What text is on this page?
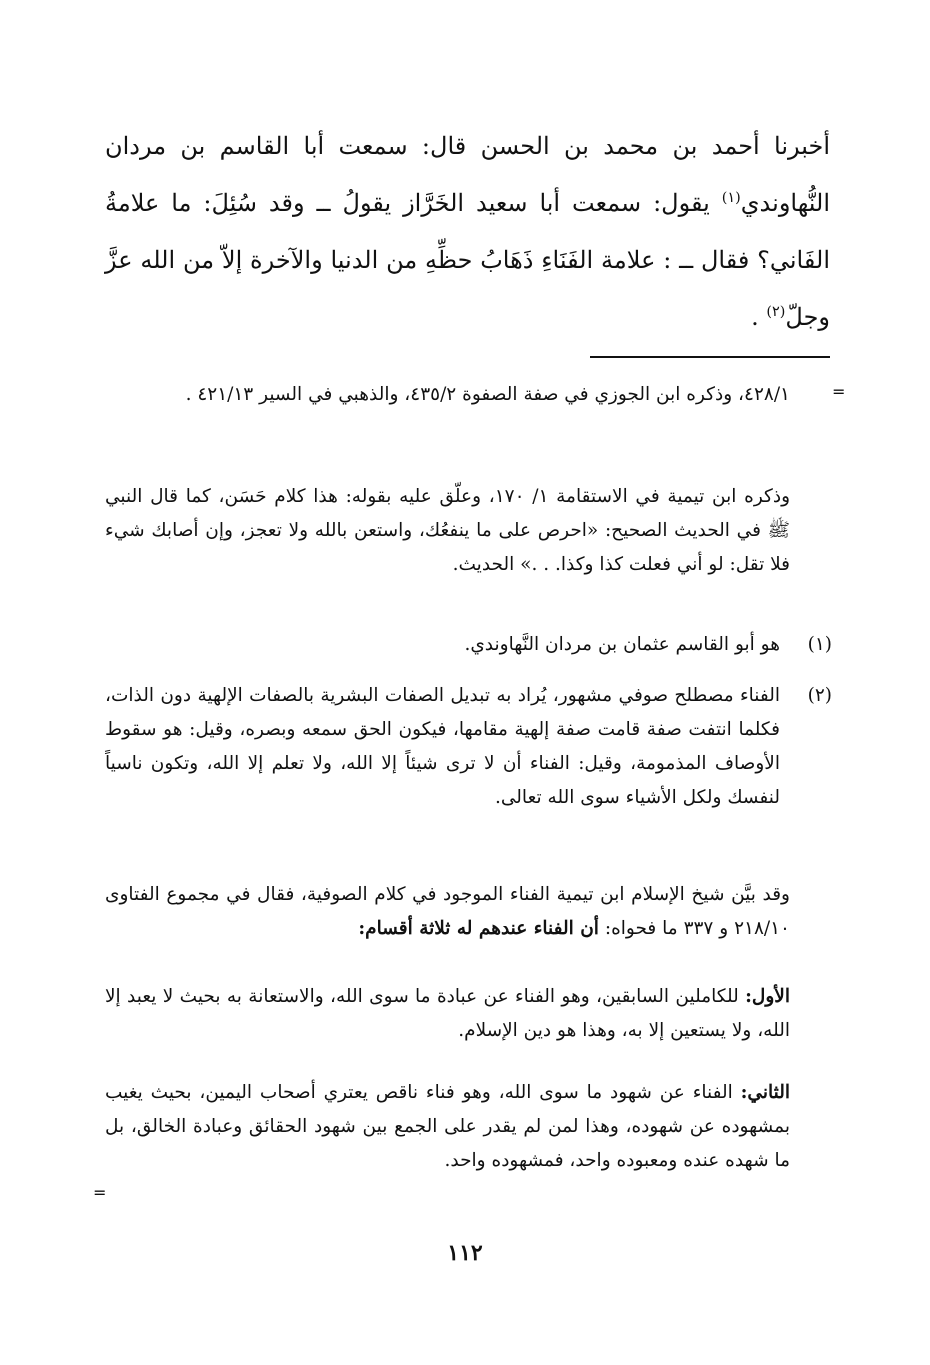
أخبرنا أحمد بن محمد بن الحسن قال: سمعت أبا القاسم بن مردان النُّهاوندي$^{(١)}$ يقول: سمعت أبا سعيد الخَرَّاز يقولُ ــ وقد سُئِلَ: ما علامةُ الفَاني؟ فقال ــ : علامة الفَنَاءِ ذَهَابُ حظِّهِ من الدنيا والآخرة إلاّ من الله عزَّ وجلّ$^{(٢)}$ .

=

٤٢٨/١، وذكره ابن الجوزي في صفة الصفوة ٤٣٥/٢، والذهبي في السير ٤٢١/١٣ .

وذكره ابن تيمية في الاستقامة ١/ ١٧٠، وعلّق عليه بقوله: هذا كلام حَسَن، كما قال النبي ﷺ في الحديث الصحيح: «احرص على ما ينفعُك، واستعن بالله ولا تعجز، وإن أصابك شيء فلا تقل: لو أني فعلت كذا وكذا. . .» الحديث.

(١)

هو أبو القاسم عثمان بن مردان النَّهاوندي.

(٢)

الفناء مصطلح صوفي مشهور، يُراد به تبديل الصفات البشرية بالصفات الإلهية دون الذات، فكلما انتفت صفة قامت صفة إلهية مقامها، فيكون الحق سمعه وبصره، وقيل: هو سقوط الأوصاف المذمومة، وقيل: الفناء أن لا ترى شيئاً إلا الله، ولا تعلم إلا الله، وتكون ناسياً لنفسك ولكل الأشياء سوى الله تعالى.

وقد بيَّن شيخ الإسلام ابن تيمية الفناء الموجود في كلام الصوفية، فقال في مجموع الفتاوى ٢١٨/١٠ و ٣٣٧ ما فحواه: أن الفناء عندهم له ثلاثة أقسام:

الأول: للكاملين السابقين، وهو الفناء عن عبادة ما سوى الله، والاستعانة به بحيث لا يعبد إلا الله، ولا يستعين إلا به، وهذا هو دين الإسلام.

الثاني: الفناء عن شهود ما سوى الله، وهو فناء ناقص يعتري أصحاب اليمين، بحيث يغيب بمشهوده عن شهوده، وهذا لمن لم يقدر على الجمع بين شهود الحقائق وعبادة الخالق، بل ما شهده عنده ومعبوده واحد، فمشهوده واحد.

=
١١٢
